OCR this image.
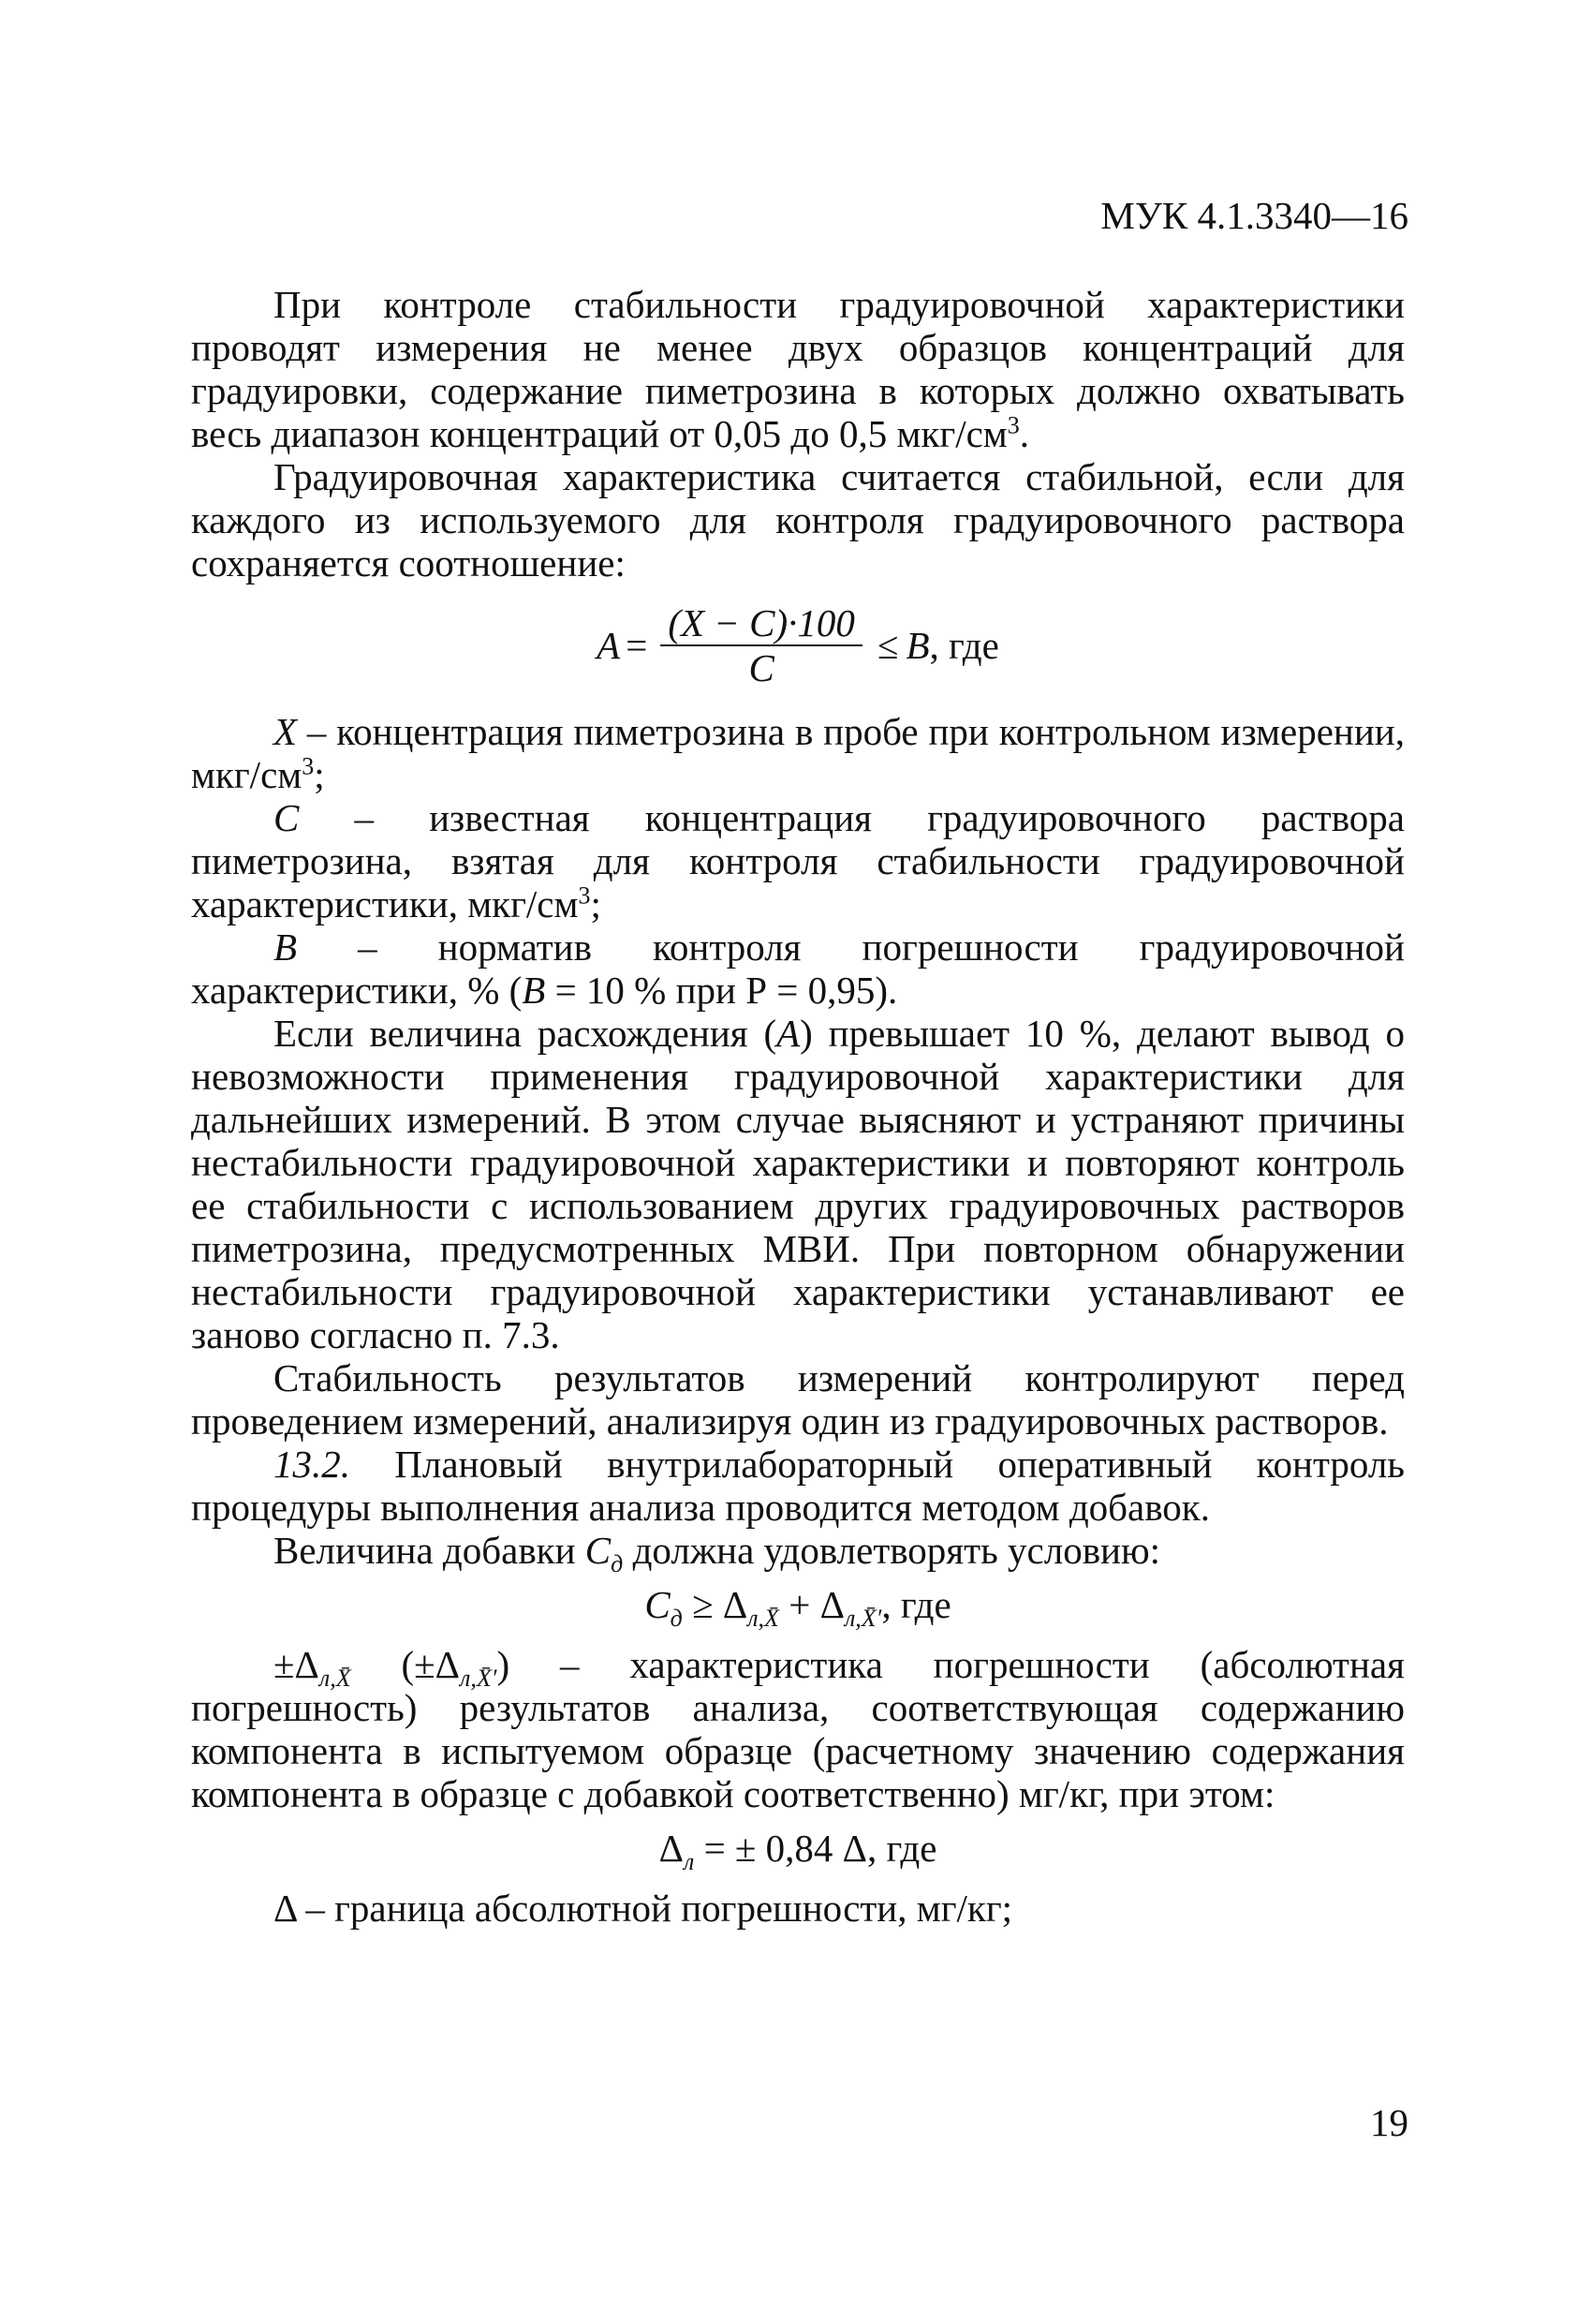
МУК 4.1.3340—16

При контроле стабильности градуировочной характеристики проводят измерения не менее двух образцов концентраций для градуировки, содержание пиметрозина в которых должно охватывать весь диапазон концентраций от 0,05 до 0,5 мкг/$см^3$.

Градуировочная характеристика считается стабильной, если для каждого из используемого для контроля градуировочного раствора сохраняется соотношение:

$A = \frac{(X - C)\cdot 100}{C} \le B$ , где

X – концентрация пиметрозина в пробе при контрольном измерении, мкг/$см^3$;

C – известная концентрация градуировочного раствора пиметрозина, взятая для контроля стабильности градуировочной характеристики, мкг/$см^3$;

B – норматив контроля погрешности градуировочной характеристики, % (B = 10 % при Р = 0,95).

Если величина расхождения (A) превышает 10 %, делают вывод о невозможности применения градуировочной характеристики для дальнейших измерений. В этом случае выясняют и устраняют причины нестабильности градуировочной характеристики и повторяют контроль ее стабильности с использованием других градуировочных растворов пиметрозина, предусмотренных МВИ. При повторном обнаружении нестабильности градуировочной характеристики устанавливают ее заново согласно п. 7.3.

Стабильность результатов измерений контролируют перед проведением измерений, анализируя один из градуировочных растворов.

13.2. Плановый внутрилабораторный оперативный контроль процедуры выполнения анализа проводится методом добавок.

Величина добавки $C_д$ должна удовлетворять условию:

$C_д \ge \Delta_{л,X̄} + \Delta_{л,X̄'}$, где

$\pm\Delta_{л,X̄}$ $(\pm\Delta_{л,X̄'})$ – характеристика погрешности (абсолютная погрешность) результатов анализа, соответствующая содержанию компонента в испытуемом образце (расчетному значению содержания компонента в образце с добавкой соответственно) мг/кг, при этом:

$\Delta_л$ = ± 0,84 Δ, где

Δ – граница абсолютной погрешности, мг/кг;

19
